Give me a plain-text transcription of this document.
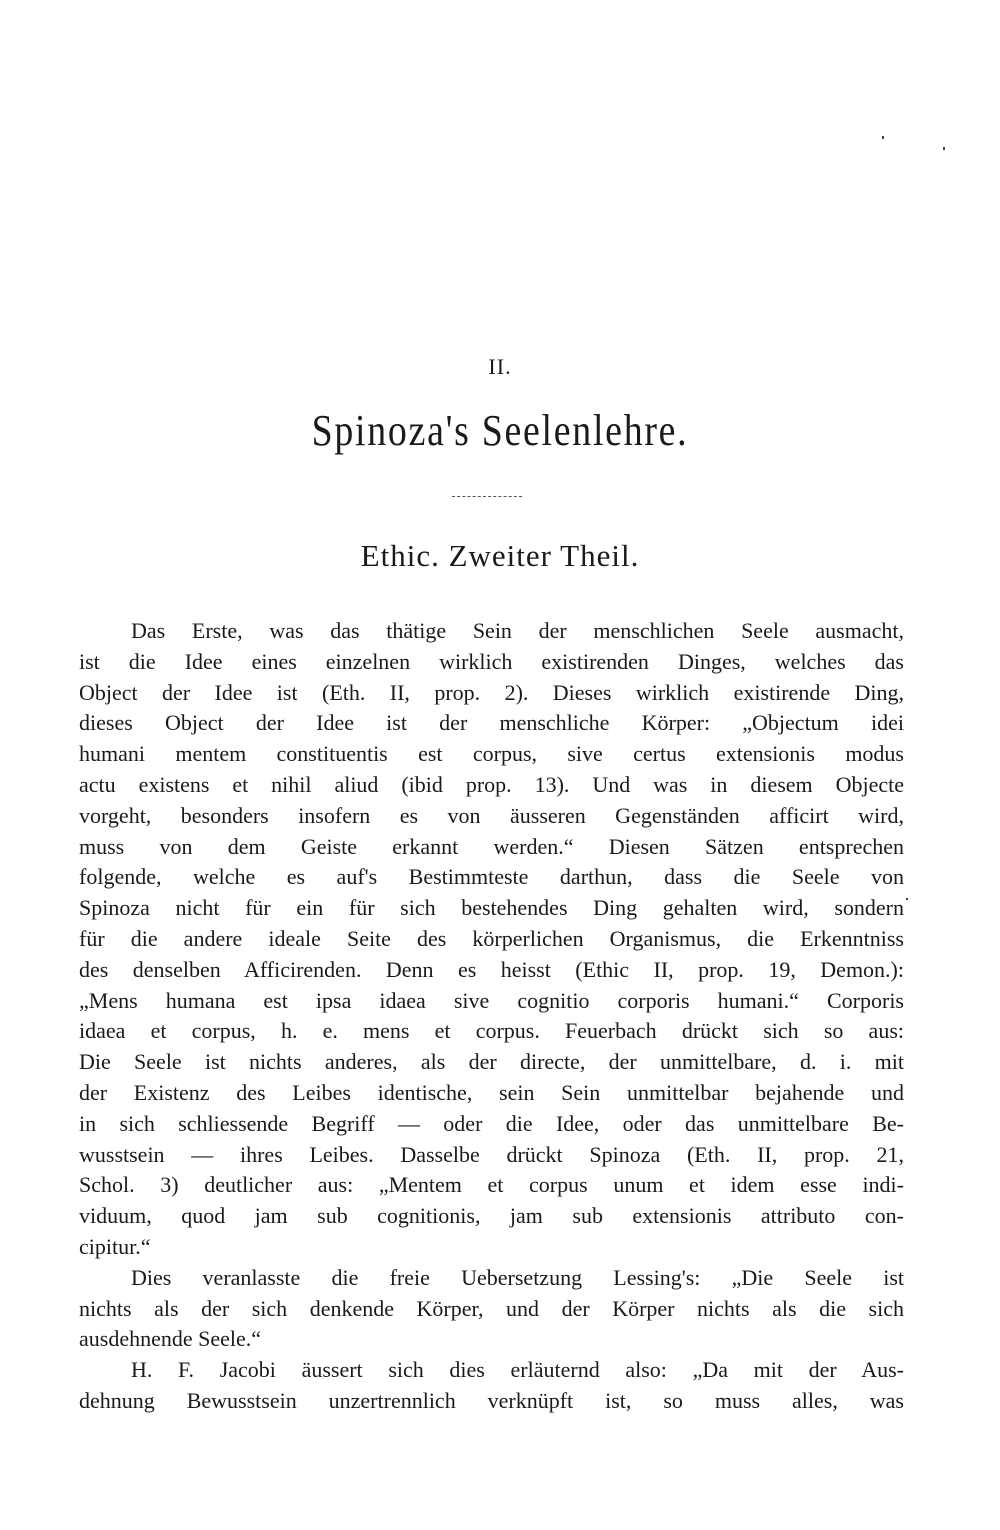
II.
Spinoza's Seelenlehre.
Ethic. Zweiter Theil.
Das Erste, was das thätige Sein der menschlichen Seele ausmacht,
ist die Idee eines einzelnen wirklich existirenden Dinges, welches das
Object der Idee ist (Eth. II, prop. 2). Dieses wirklich existirende Ding,
dieses Object der Idee ist der menschliche Körper: „Objectum idei
humani mentem constituentis est corpus, sive certus extensionis modus
actu existens et nihil aliud (ibid prop. 13). Und was in diesem Objecte
vorgeht, besonders insofern es von äusseren Gegenständen afficirt wird,
muss von dem Geiste erkannt werden.“ Diesen Sätzen entsprechen
folgende, welche es auf's Bestimmteste darthun, dass die Seele von
Spinoza nicht für ein für sich bestehendes Ding gehalten wird, sondern
für die andere ideale Seite des körperlichen Organismus, die Erkenntniss
des denselben Afficirenden. Denn es heisst (Ethic II, prop. 19, Demon.):
„Mens humana est ipsa idaea sive cognitio corporis humani.“ Corporis
idaea et corpus, h. e. mens et corpus. Feuerbach drückt sich so aus:
Die Seele ist nichts anderes, als der directe, der unmittelbare, d. i. mit
der Existenz des Leibes identische, sein Sein unmittelbar bejahende und
in sich schliessende Begriff — oder die Idee, oder das unmittelbare Be-
wusstsein — ihres Leibes. Dasselbe drückt Spinoza (Eth. II, prop. 21,
Schol. 3) deutlicher aus: „Mentem et corpus unum et idem esse indi-
viduum, quod jam sub cognitionis, jam sub extensionis attributo con-
cipitur.“
Dies veranlasste die freie Uebersetzung Lessing's: „Die Seele ist
nichts als der sich denkende Körper, und der Körper nichts als die sich
ausdehnende Seele.“
H. F. Jacobi äussert sich dies erläuternd also: „Da mit der Aus-
dehnung Bewusstsein unzertrennlich verknüpft ist, so muss alles, was
